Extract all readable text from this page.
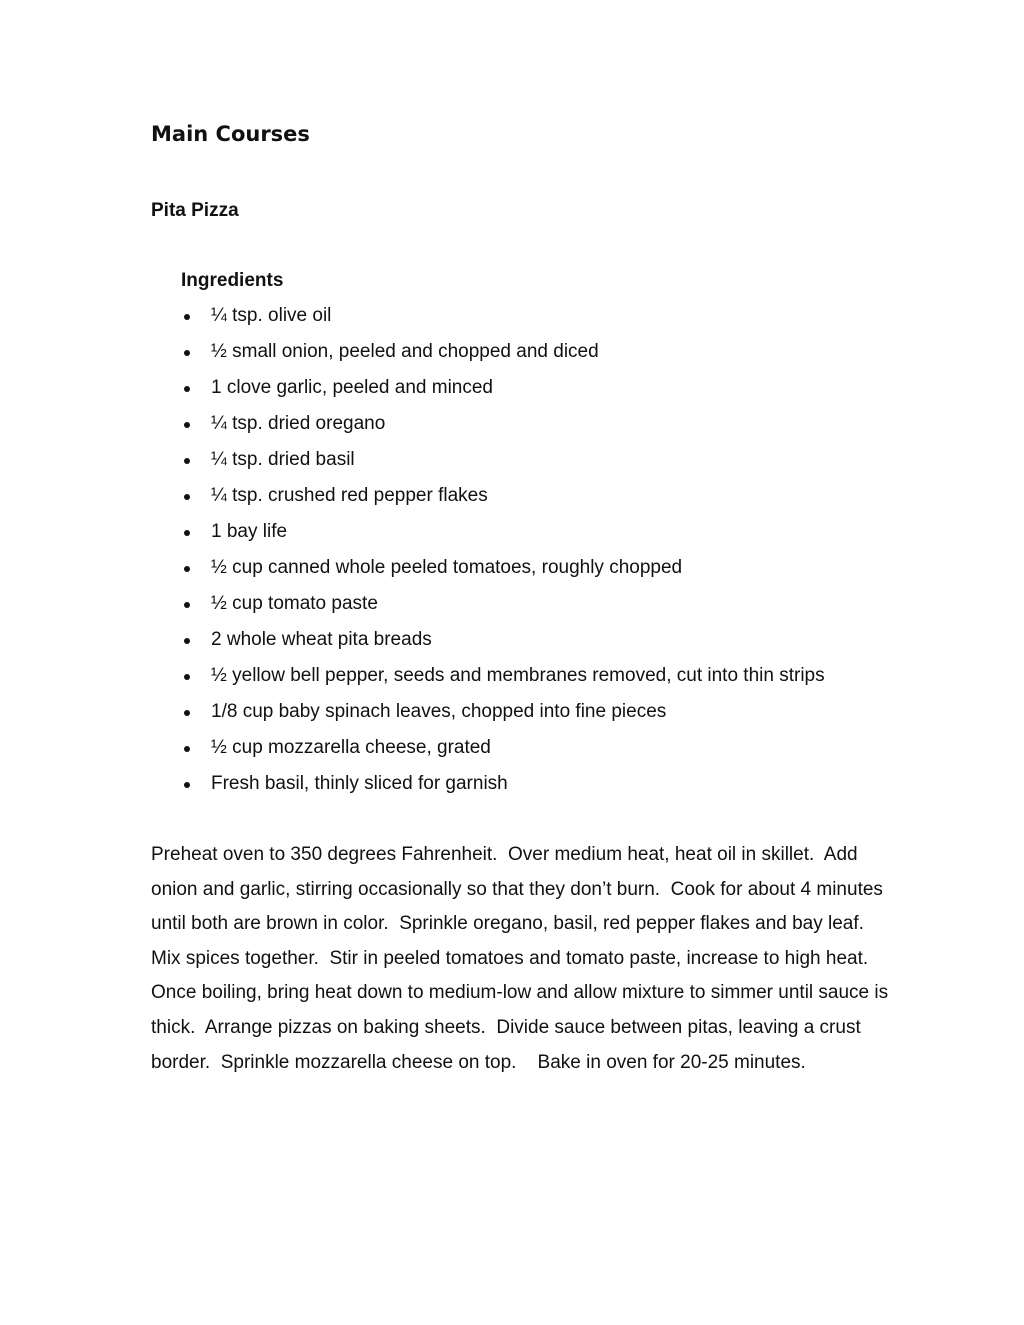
Main Courses
Pita Pizza
Ingredients
¼ tsp. olive oil
½ small onion, peeled and chopped and diced
1 clove garlic, peeled and minced
¼ tsp. dried oregano
¼ tsp. dried basil
¼ tsp. crushed red pepper flakes
1 bay life
½ cup canned whole peeled tomatoes, roughly chopped
½ cup tomato paste
2 whole wheat pita breads
½ yellow bell pepper, seeds and membranes removed, cut into thin strips
1/8 cup baby spinach leaves, chopped into fine pieces
½ cup mozzarella cheese, grated
Fresh basil, thinly sliced for garnish

Preheat oven to 350 degrees Fahrenheit.  Over medium heat, heat oil in skillet.  Add onion and garlic, stirring occasionally so that they don’t burn.  Cook for about 4 minutes until both are brown in color.  Sprinkle oregano, basil, red pepper flakes and bay leaf.  Mix spices together.  Stir in peeled tomatoes and tomato paste, increase to high heat.  Once boiling, bring heat down to medium-low and allow mixture to simmer until sauce is thick.  Arrange pizzas on baking sheets.  Divide sauce between pitas, leaving a crust border.  Sprinkle mozzarella cheese on top.    Bake in oven for 20-25 minutes.
